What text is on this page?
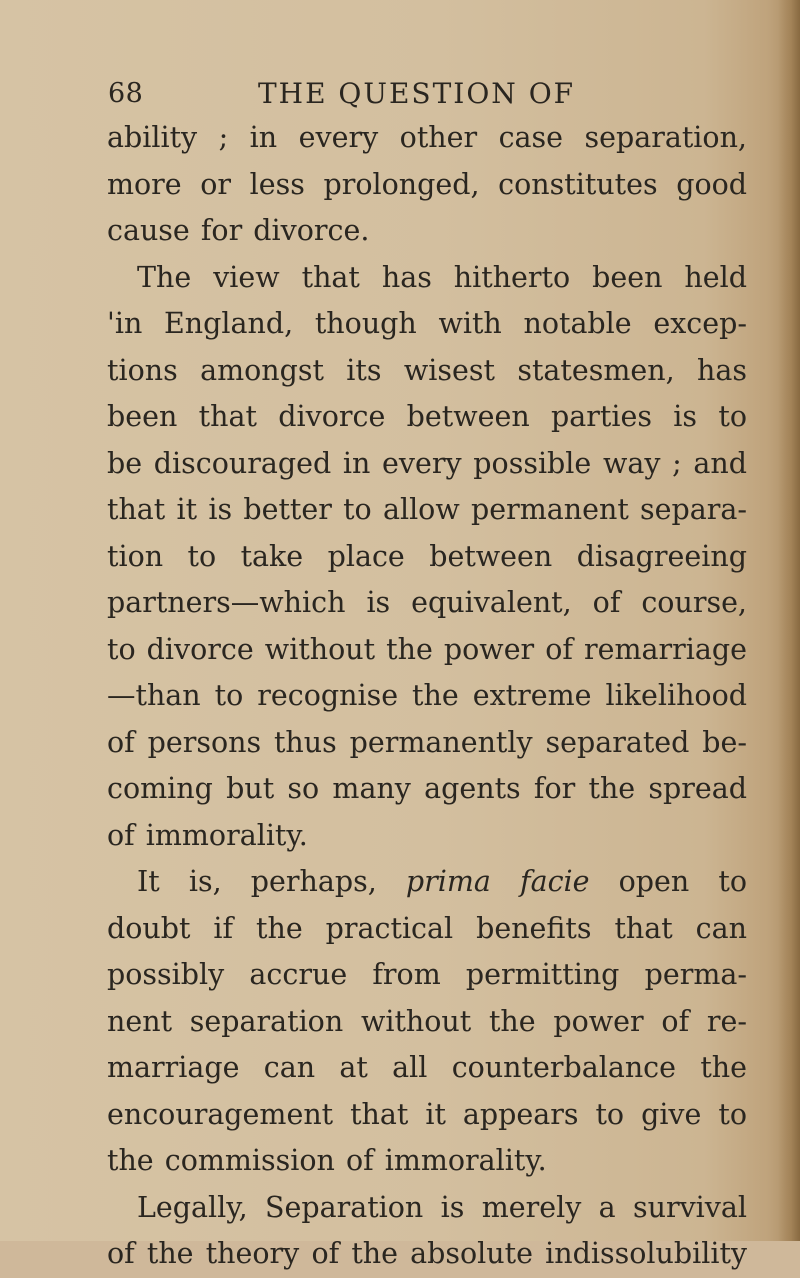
68	THE QUESTION OF
ability ; in every other case separation,
more or less prolonged, constitutes good
cause for divorce.
The view that has hitherto been held
'in England, though with notable excep-
tions amongst its wisest statesmen, has
been that divorce between parties is to
be discouraged in every possible way ; and
that it is better to allow permanent separa-
tion to take place between disagreeing
partners—which is equivalent, of course,
to divorce without the power of remarriage
—than to recognise the extreme likelihood
of persons thus permanently separated be-
coming but so many agents for the spread
of immorality.
It is, perhaps, prima facie open to
doubt if the practical benefits that can
possibly accrue from permitting perma-
nent separation without the power of re-
marriage can at all counterbalance the
encouragement that it appears to give to
the commission of immorality.
Legally, Separation is merely a survival
of the theory of the absolute indissolubility
